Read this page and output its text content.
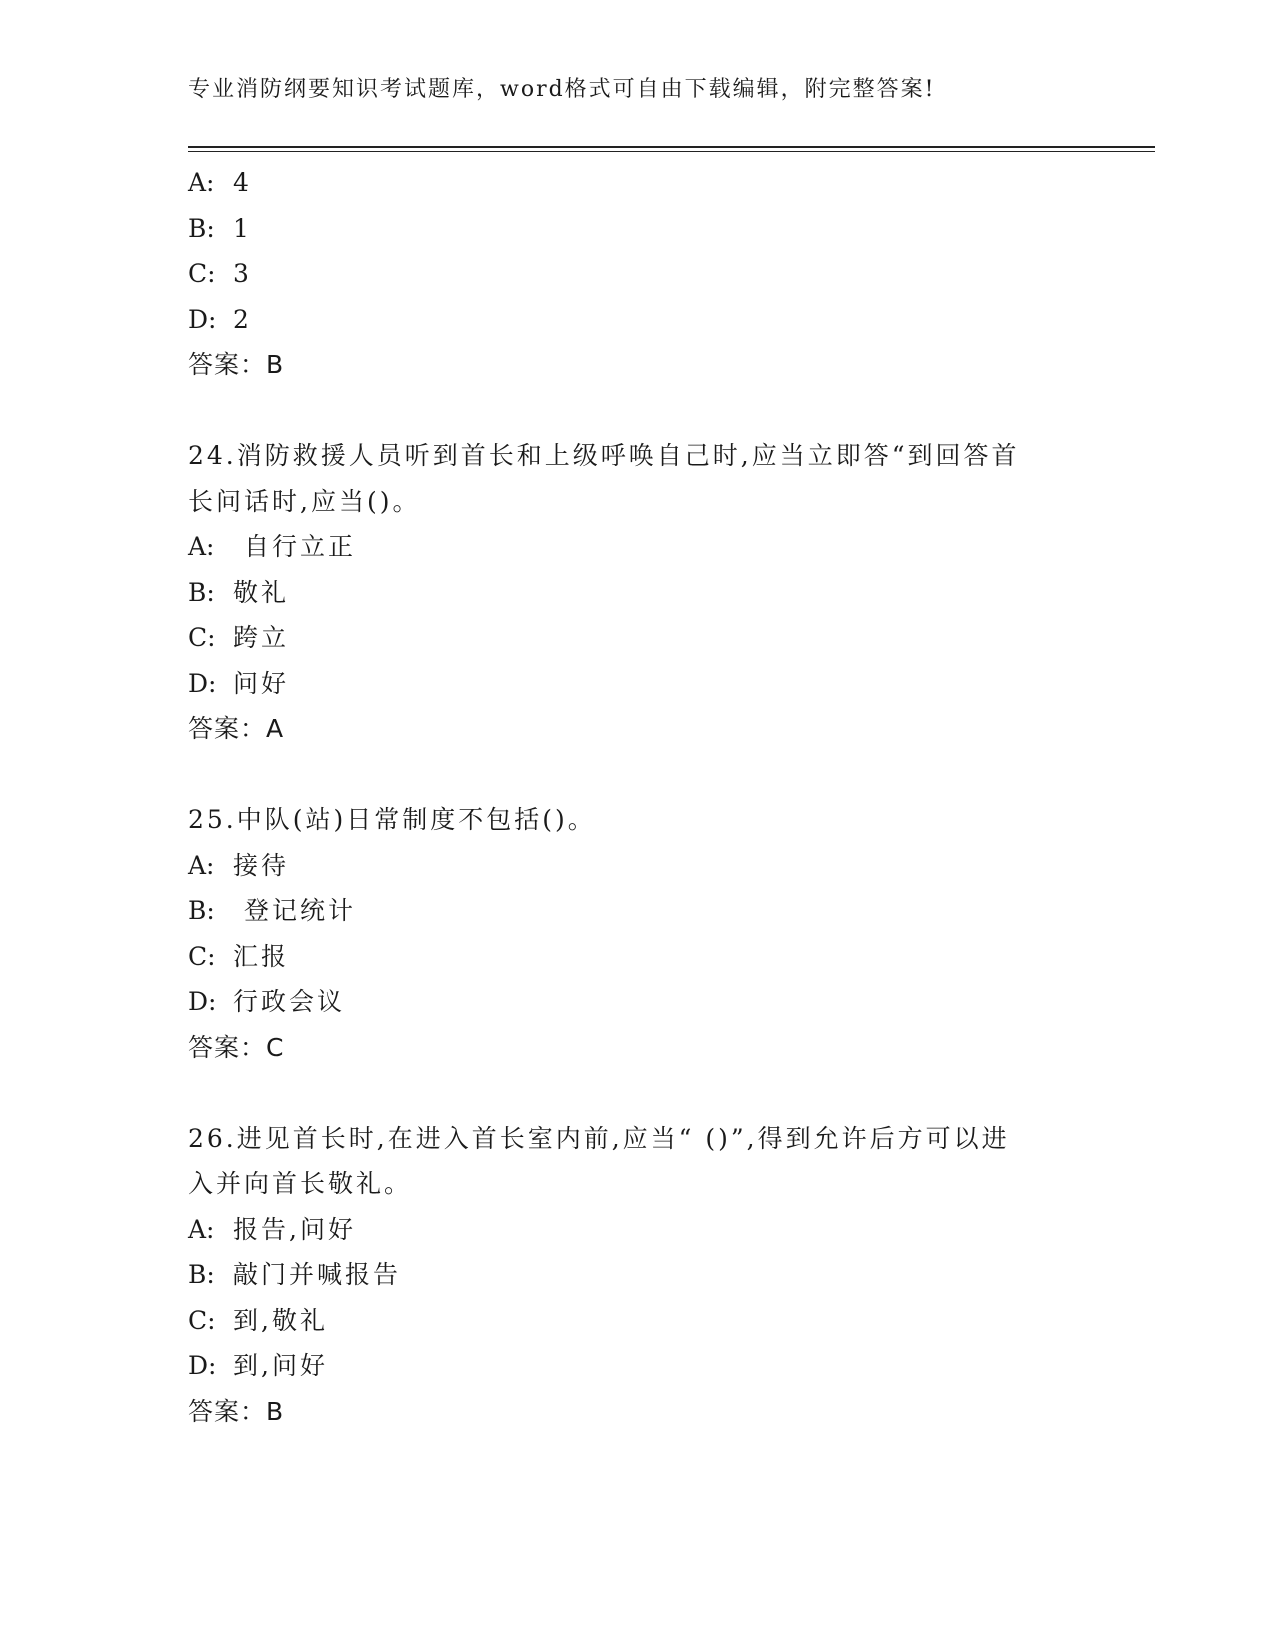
专业消防纲要知识考试题库，word格式可自由下载编辑，附完整答案!
A: 4
B: 1
C: 3
D: 2
答案：B
24.消防救援人员听到首长和上级呼唤自己时,应当立即答“到回答首
长问话时,应当()。
A: 自行立正
B: 敬礼
C: 跨立
D: 问好
答案：A
25.中队(站)日常制度不包括()。
A: 接待
B: 登记统计
C: 汇报
D: 行政会议
答案：C
26.进见首长时,在进入首长室内前,应当“ ()”,得到允许后方可以进
入并向首长敬礼。
A: 报告,问好
B: 敲门并喊报告
C: 到,敬礼
D: 到,问好
答案：B
